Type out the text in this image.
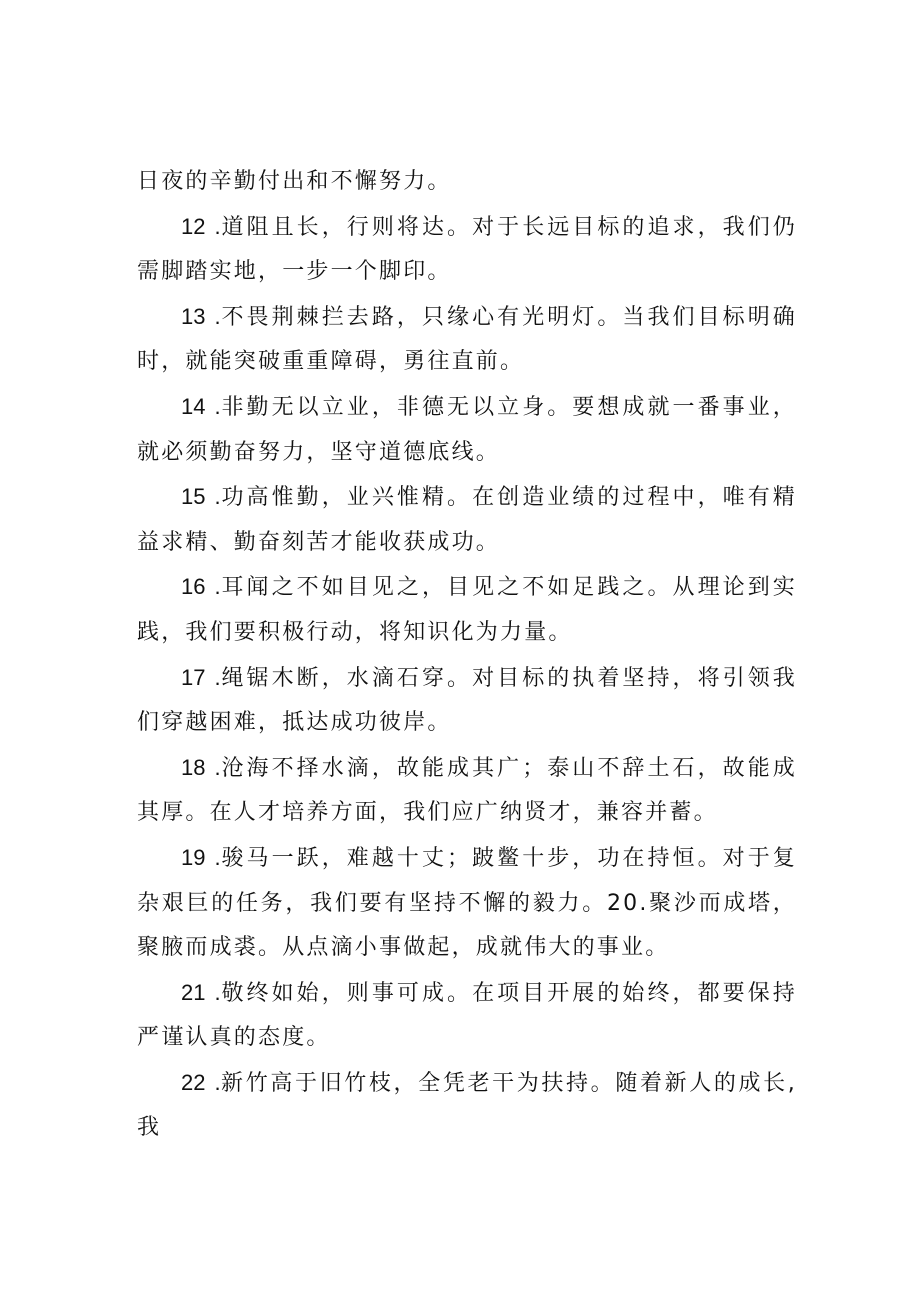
日夜的辛勤付出和不懈努力。

12 .道阻且长，行则将达。对于长远目标的追求，我们仍需脚踏实地，一步一个脚印。

13 .不畏荆棘拦去路，只缘心有光明灯。当我们目标明确时，就能突破重重障碍，勇往直前。

14 .非勤无以立业，非德无以立身。要想成就一番事业，就必须勤奋努力，坚守道德底线。

15 .功高惟勤，业兴惟精。在创造业绩的过程中，唯有精益求精、勤奋刻苦才能收获成功。

16 .耳闻之不如目见之，目见之不如足践之。从理论到实践，我们要积极行动，将知识化为力量。

17 .绳锯木断，水滴石穿。对目标的执着坚持，将引领我们穿越困难，抵达成功彼岸。

18 .沧海不择水滴，故能成其广；泰山不辞土石，故能成其厚。在人才培养方面，我们应广纳贤才，兼容并蓄。

19 .骏马一跃，难越十丈；跛鳖十步，功在持恒。对于复杂艰巨的任务，我们要有坚持不懈的毅力。20.聚沙而成塔，聚腋而成裘。从点滴小事做起，成就伟大的事业。

21 .敬终如始，则事可成。在项目开展的始终，都要保持严谨认真的态度。

22 .新竹高于旧竹枝，全凭老干为扶持。随着新人的成长,我
